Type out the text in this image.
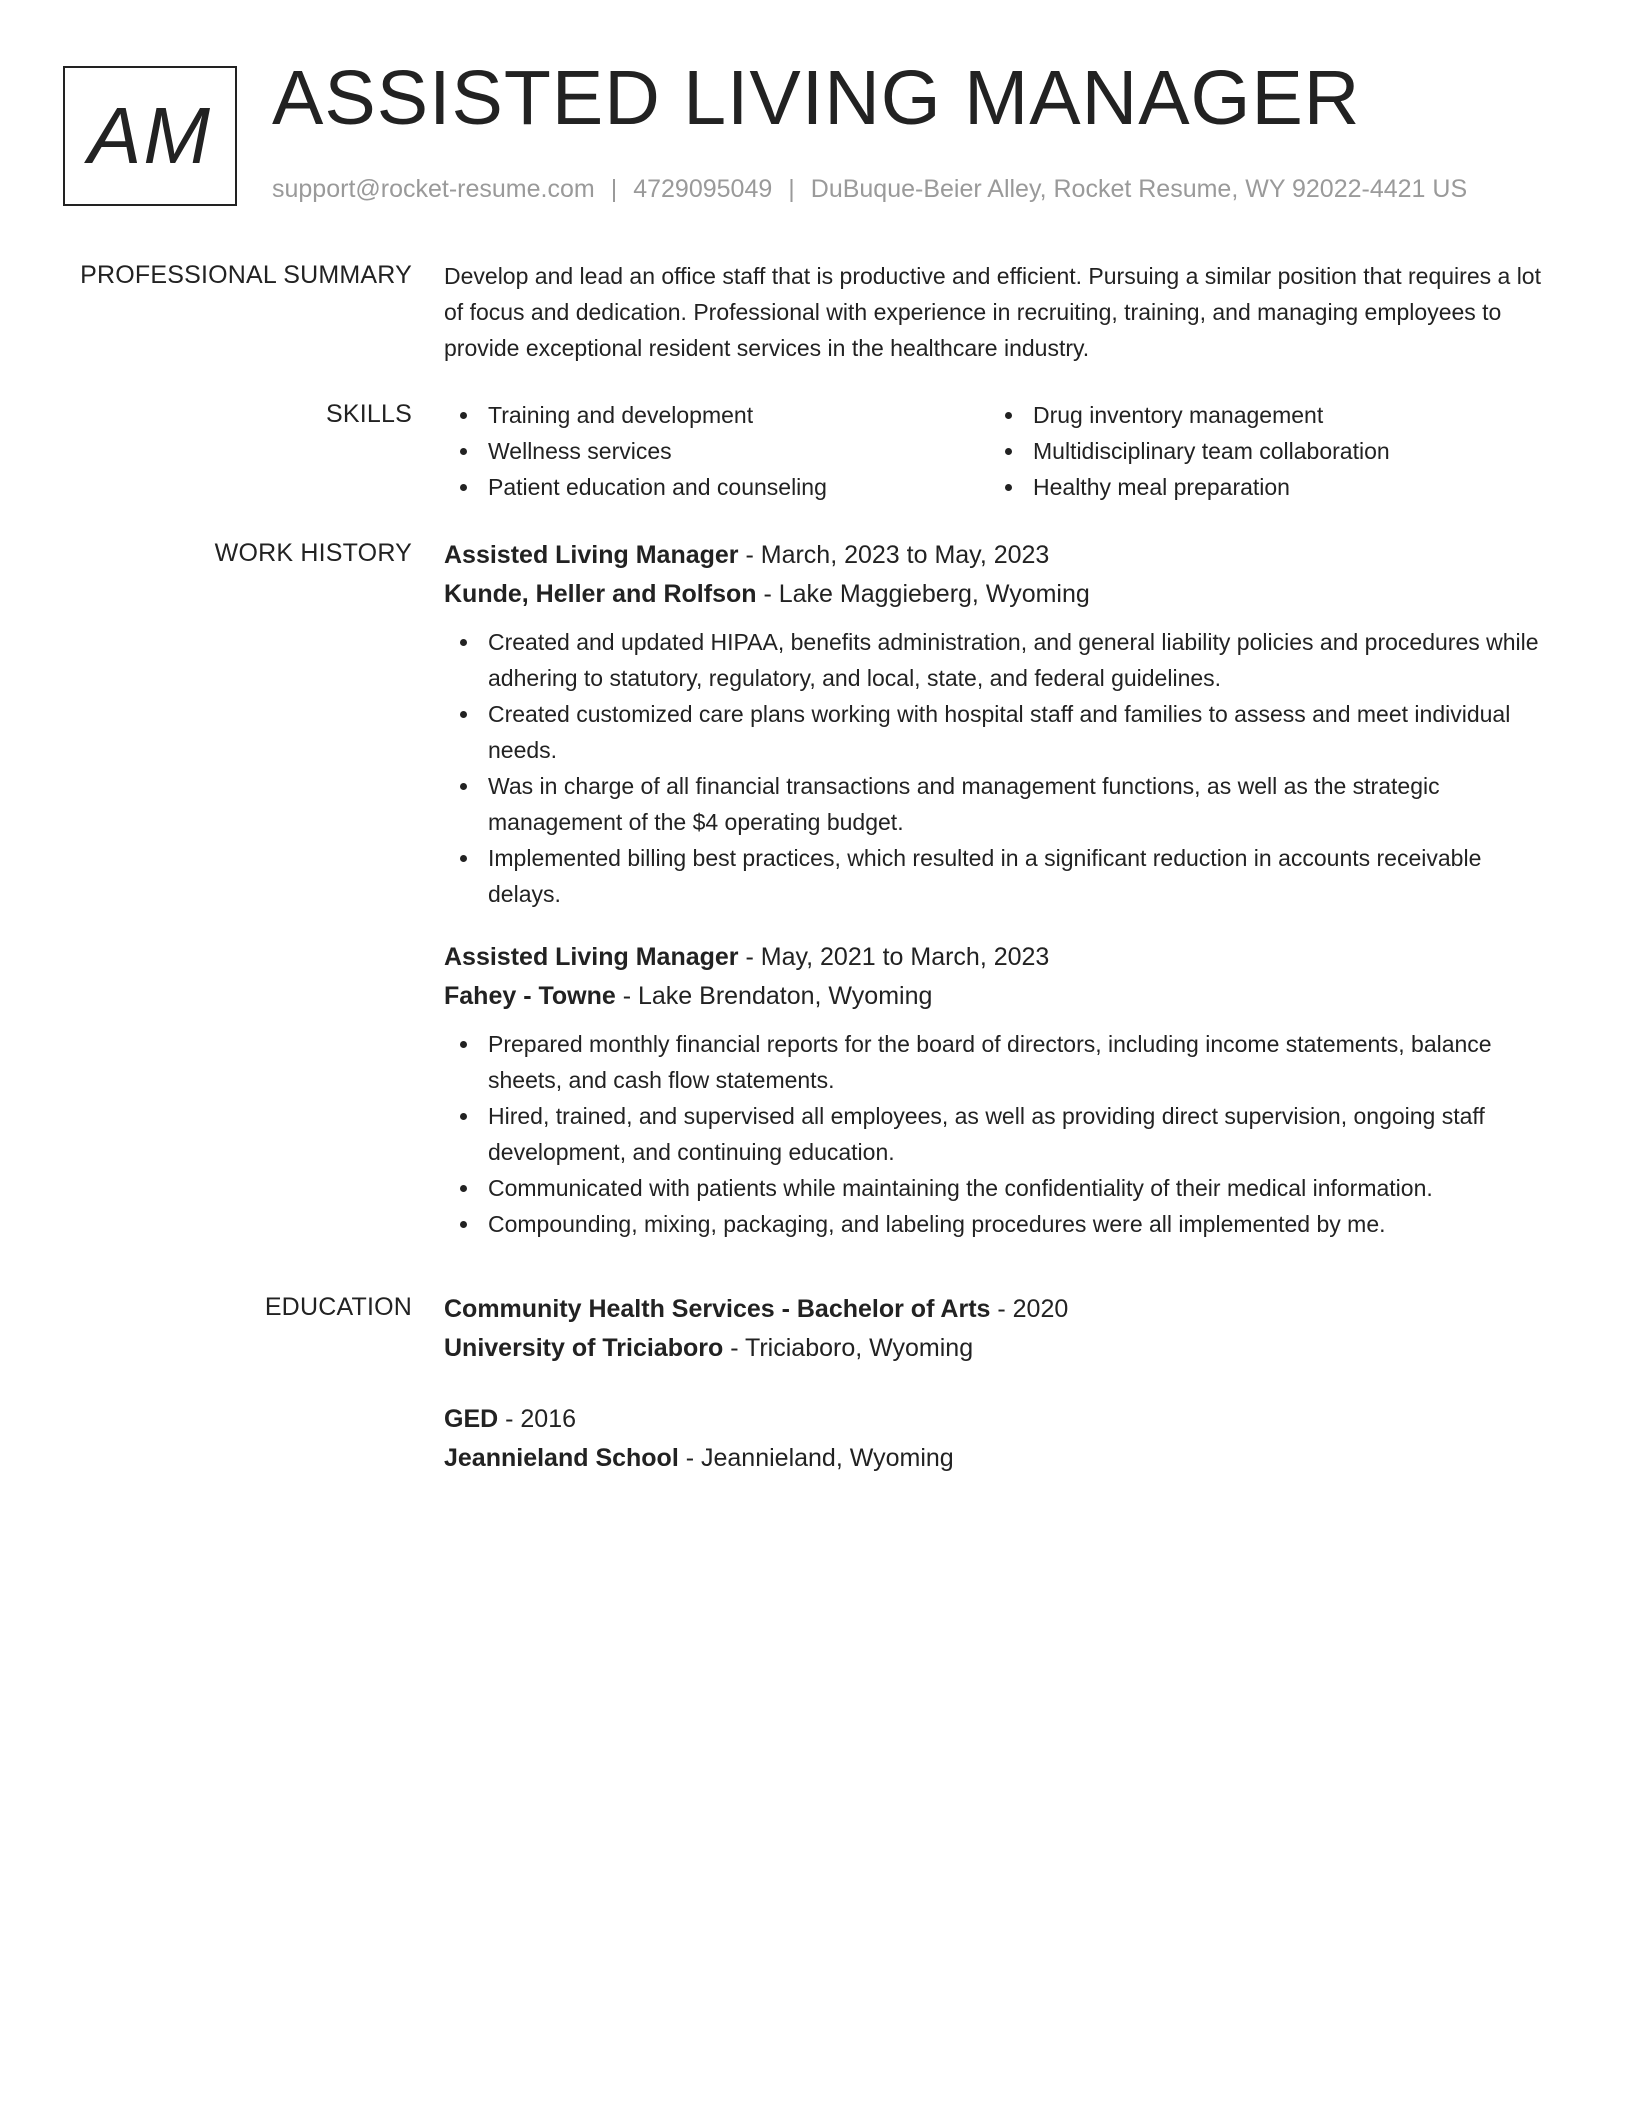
AM ASSISTED LIVING MANAGER
support@rocket-resume.com | 4729095049 | DuBuque-Beier Alley, Rocket Resume, WY 92022-4421 US
PROFESSIONAL SUMMARY Develop and lead an office staff that is productive and efficient. Pursuing a similar position that requires a lot of focus and dedication. Professional with experience in recruiting, training, and managing employees to provide exceptional resident services in the healthcare industry.

SKILLS	Training and development
Wellness services
Patient education and counseling
Drug inventory management
Multidisciplinary team collaboration
Healthy meal preparation
WORK HISTORY Assisted Living Manager - March, 2023 to May, 2023
Kunde, Heller and Rolfson - Lake Maggieberg, Wyoming
Created and updated HIPAA, benefits administration, and general liability policies and procedures while adhering to statutory, regulatory, and local, state, and federal guidelines.
Created customized care plans working with hospital staff and families to assess and meet individual needs.
Was in charge of all financial transactions and management functions, as well as the strategic management of the $4 operating budget.
Implemented billing best practices, which resulted in a significant reduction in accounts receivable delays.
Assisted Living Manager - May, 2021 to March, 2023
Fahey - Towne - Lake Brendaton, Wyoming
Prepared monthly financial reports for the board of directors, including income statements, balance sheets, and cash flow statements.
Hired, trained, and supervised all employees, as well as providing direct supervision, ongoing staff development, and continuing education.
Communicated with patients while maintaining the confidentiality of their medical information.
Compounding, mixing, packaging, and labeling procedures were all implemented by me.
EDUCATION Community Health Services - Bachelor of Arts - 2020
University of Triciaboro - Triciaboro, Wyoming
GED - 2016
Jeannieland School - Jeannieland, Wyoming
